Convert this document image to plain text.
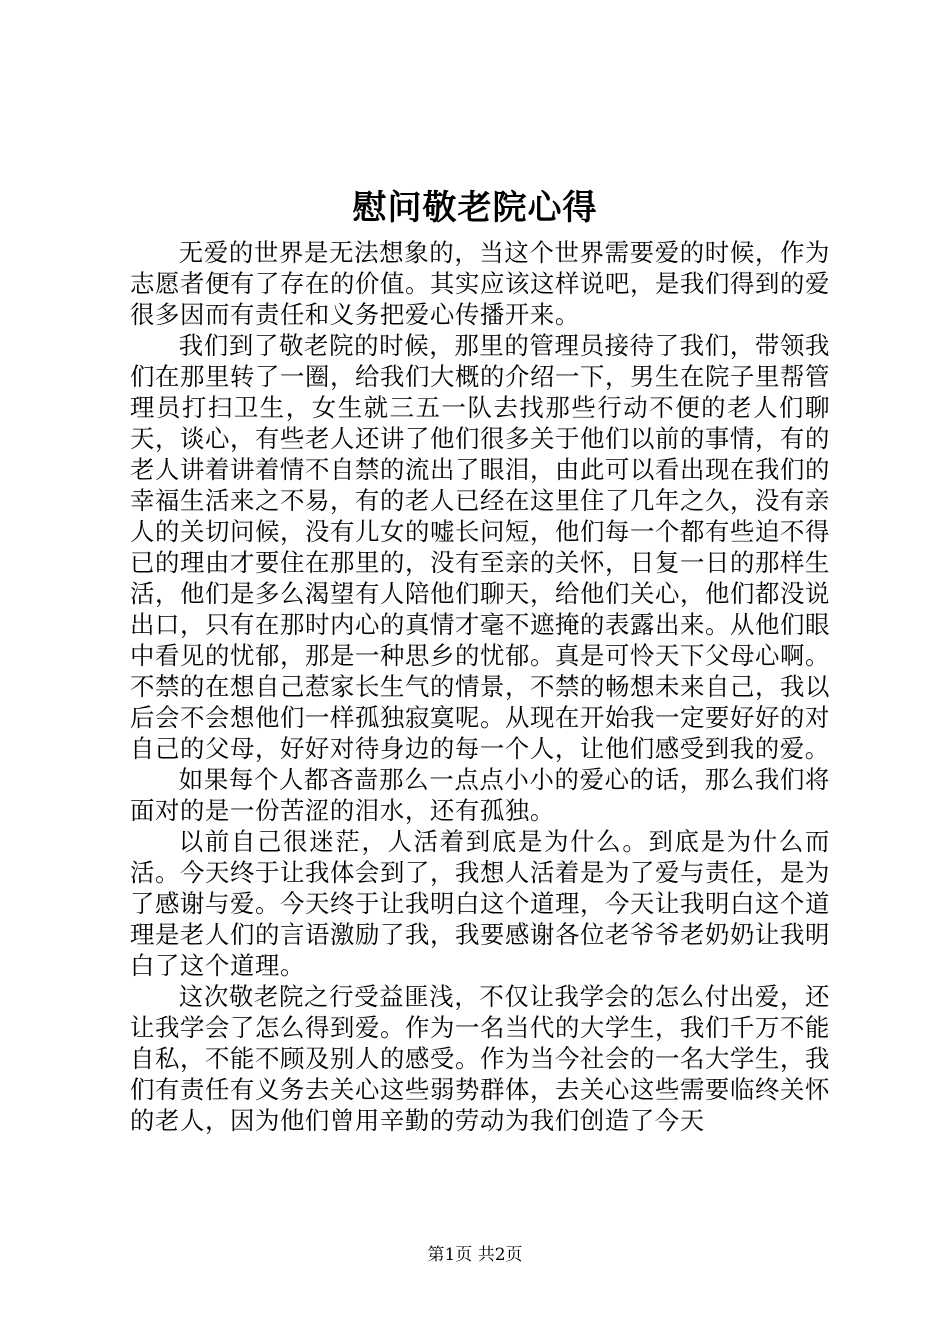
慰问敬老院心得

无爱的世界是无法想象的，当这个世界需要爱的时候，作为志愿者便有了存在的价值。其实应该这样说吧，是我们得到的爱很多因而有责任和义务把爱心传播开来。

我们到了敬老院的时候，那里的管理员接待了我们，带领我们在那里转了一圈，给我们大概的介绍一下，男生在院子里帮管理员打扫卫生，女生就三五一队去找那些行动不便的老人们聊天，谈心，有些老人还讲了他们很多关于他们以前的事情，有的老人讲着讲着情不自禁的流出了眼泪，由此可以看出现在我们的幸福生活来之不易，有的老人已经在这里住了几年之久，没有亲人的关切问候，没有儿女的嘘长问短，他们每一个都有些迫不得已的理由才要住在那里的，没有至亲的关怀，日复一日的那样生活，他们是多么渴望有人陪他们聊天，给他们关心，他们都没说出口，只有在那时内心的真情才毫不遮掩的表露出来。从他们眼中看见的忧郁，那是一种思乡的忧郁。真是可怜天下父母心啊。不禁的在想自己惹家长生气的情景，不禁的畅想未来自己，我以后会不会想他们一样孤独寂寞呢。从现在开始我一定要好好的对自己的父母，好好对待身边的每一个人，让他们感受到我的爱。

如果每个人都吝啬那么一点点小小的爱心的话，那么我们将面对的是一份苦涩的泪水，还有孤独。

以前自己很迷茫，人活着到底是为什么。到底是为什么而活。今天终于让我体会到了，我想人活着是为了爱与责任，是为了感谢与爱。今天终于让我明白这个道理，今天让我明白这个道理是老人们的言语激励了我，我要感谢各位老爷爷老奶奶让我明白了这个道理。

这次敬老院之行受益匪浅，不仅让我学会的怎么付出爱，还让我学会了怎么得到爱。作为一名当代的大学生，我们千万不能自私，不能不顾及别人的感受。作为当今社会的一名大学生，我们有责任有义务去关心这些弱势群体，去关心这些需要临终关怀的老人，因为他们曾用辛勤的劳动为我们创造了今天

第1页 共2页
